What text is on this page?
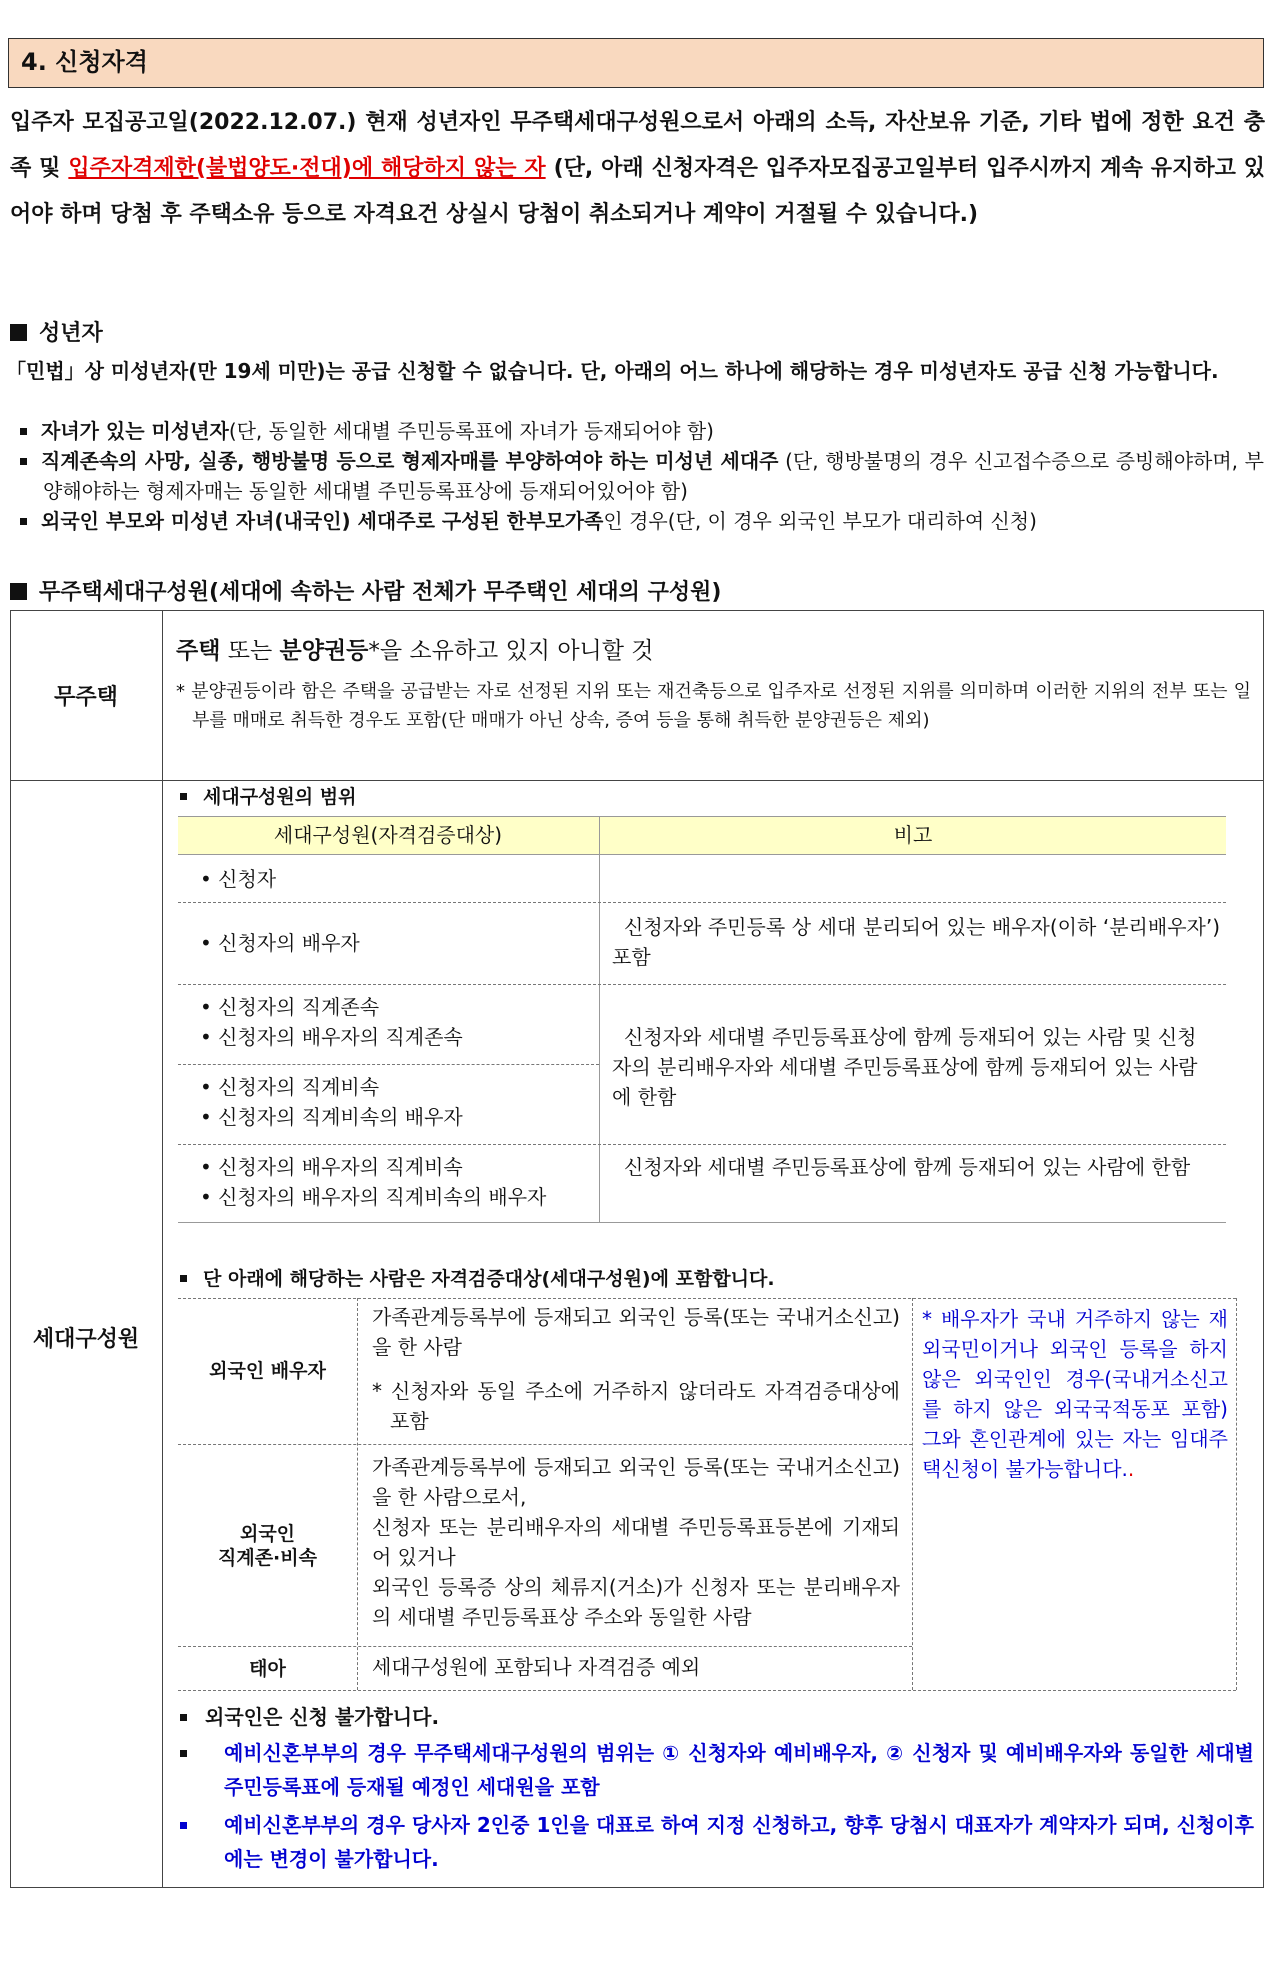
4. 신청자격
입주자 모집공고일(2022.12.07.) 현재 성년자인 무주택세대구성원으로서 아래의 소득, 자산보유 기준, 기타 법에 정한 요건 충족 및 입주자격제한(불법양도·전대)에 해당하지 않는 자 (단, 아래 신청자격은 입주자모집공고일부터 입주시까지 계속 유지하고 있어야 하며 당첨 후 주택소유 등으로 자격요건 상실시 당첨이 취소되거나 계약이 거절될 수 있습니다.)
성년자
「민법」상 미성년자(만 19세 미만)는 공급 신청할 수 없습니다. 단, 아래의 어느 하나에 해당하는 경우 미성년자도 공급 신청 가능합니다.
자녀가 있는 미성년자(단, 동일한 세대별 주민등록표에 자녀가 등재되어야 함)
직계존속의 사망, 실종, 행방불명 등으로 형제자매를 부양하여야 하는 미성년 세대주 (단, 행방불명의 경우 신고접수증으로 증빙해야하며, 부양해야하는 형제자매는 동일한 세대별 주민등록표상에 등재되어있어야 함)
외국인 부모와 미성년 자녀(내국인) 세대주로 구성된 한부모가족인 경우(단, 이 경우 외국인 부모가 대리하여 신청)
무주택세대구성원(세대에 속하는 사람 전체가 무주택인 세대의 구성원)
무주택
주택 또는 분양권등*을 소유하고 있지 아니할 것
* 분양권등이라 함은 주택을 공급받는 자로 선정된 지위 또는 재건축등으로 입주자로 선정된 지위를 의미하며 이러한 지위의 전부 또는 일부를 매매로 취득한 경우도 포함(단 매매가 아닌 상속, 증여 등을 통해 취득한 분양권등은 제외)
세대구성원
세대구성원의 범위
세대구성원(자격검증대상)	비고
• 신청자
• 신청자의 배우자
신청자와 주민등록 상 세대 분리되어 있는 배우자(이하 ‘분리배우자’) 포함
• 신청자의 직계존속
• 신청자의 배우자의 직계존속
• 신청자의 직계비속
• 신청자의 직계비속의 배우자
신청자와 세대별 주민등록표상에 함께 등재되어 있는 사람 및 신청자의 분리배우자와 세대별 주민등록표상에 함께 등재되어 있는 사람에 한함
• 신청자의 배우자의 직계비속
• 신청자의 배우자의 직계비속의 배우자
신청자와 세대별 주민등록표상에 함께 등재되어 있는 사람에 한함
단 아래에 해당하는 사람은 자격검증대상(세대구성원)에 포함합니다.
외국인 배우자
가족관계등록부에 등재되고 외국인 등록(또는 국내거소신고)을 한 사람
* 신청자와 동일 주소에 거주하지 않더라도 자격검증대상에 포함
외국인
직계존·비속
가족관계등록부에 등재되고 외국인 등록(또는 국내거소신고)을 한 사람으로서,
신청자 또는 분리배우자의 세대별 주민등록표등본에 기재되어 있거나
외국인 등록증 상의 체류지(거소)가 신청자 또는 분리배우자의 세대별 주민등록표상 주소와 동일한 사람
태아	세대구성원에 포함되나 자격검증 예외
* 배우자가 국내 거주하지 않는 재외국민이거나 외국인 등록을 하지 않은 외국인인 경우(국내거소신고를 하지 않은 외국국적동포 포함) 그와 혼인관계에 있는 자는 임대주택신청이 불가능합니다..
외국인은 신청 불가합니다.
예비신혼부부의 경우 무주택세대구성원의 범위는 ① 신청자와 예비배우자, ② 신청자 및 예비배우자와 동일한 세대별 주민등록표에 등재될 예정인 세대원을 포함
예비신혼부부의 경우 당사자 2인중 1인을 대표로 하여 지정 신청하고, 향후 당첨시 대표자가 계약자가 되며, 신청이후에는 변경이 불가합니다.
